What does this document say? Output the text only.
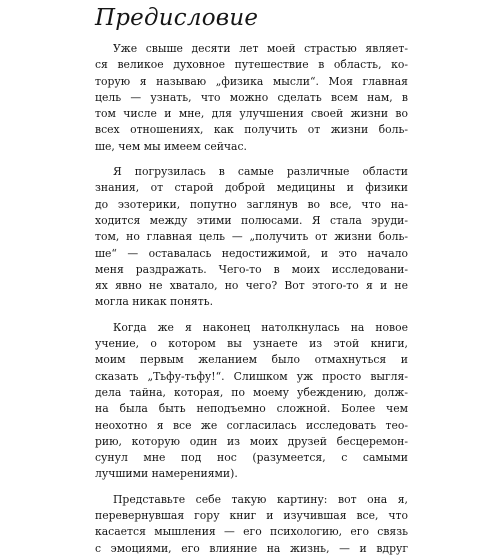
Предисловие
Уже свыше десяти лет моей страстью являет-
ся великое духовное путешествие в область, ко-
торую я называю „физика мысли“. Моя главная
цель — узнать, что можно сделать всем нам, в
том числе и мне, для улучшения своей жизни во
всех отношениях, как получить от жизни боль-
ше, чем мы имеем сейчас.
Я погрузилась в самые различные области
знания, от старой доброй медицины и физики
до эзотерики, попутно заглянув во все, что на-
ходится между этими полюсами. Я стала эруди-
том, но главная цель — „получить от жизни боль-
ше“ — оставалась недостижимой, и это начало
меня раздражать. Чего-то в моих исследовани-
ях явно не хватало, но чего? Вот этого-то я и не
могла никак понять.
Когда же я наконец натолкнулась на новое
учение, о котором вы узнаете из этой книги,
моим первым желанием было отмахнуться и
сказать „Тьфу-тьфу!“. Слишком уж просто выгля-
дела тайна, которая, по моему убеждению, долж-
на была быть неподъемно сложной. Более чем
неохотно я все же согласилась исследовать тео-
рию, которую один из моих друзей бесцеремон-
сунул мне под нос (разумеется, с самыми
лучшими намерениями).
Представьте себе такую картину: вот она я,
перевернувшая гору книг и изучившая все, что
касается мышления — его психологию, его связь
с эмоциями, его влияние на жизнь, — и вдруг
